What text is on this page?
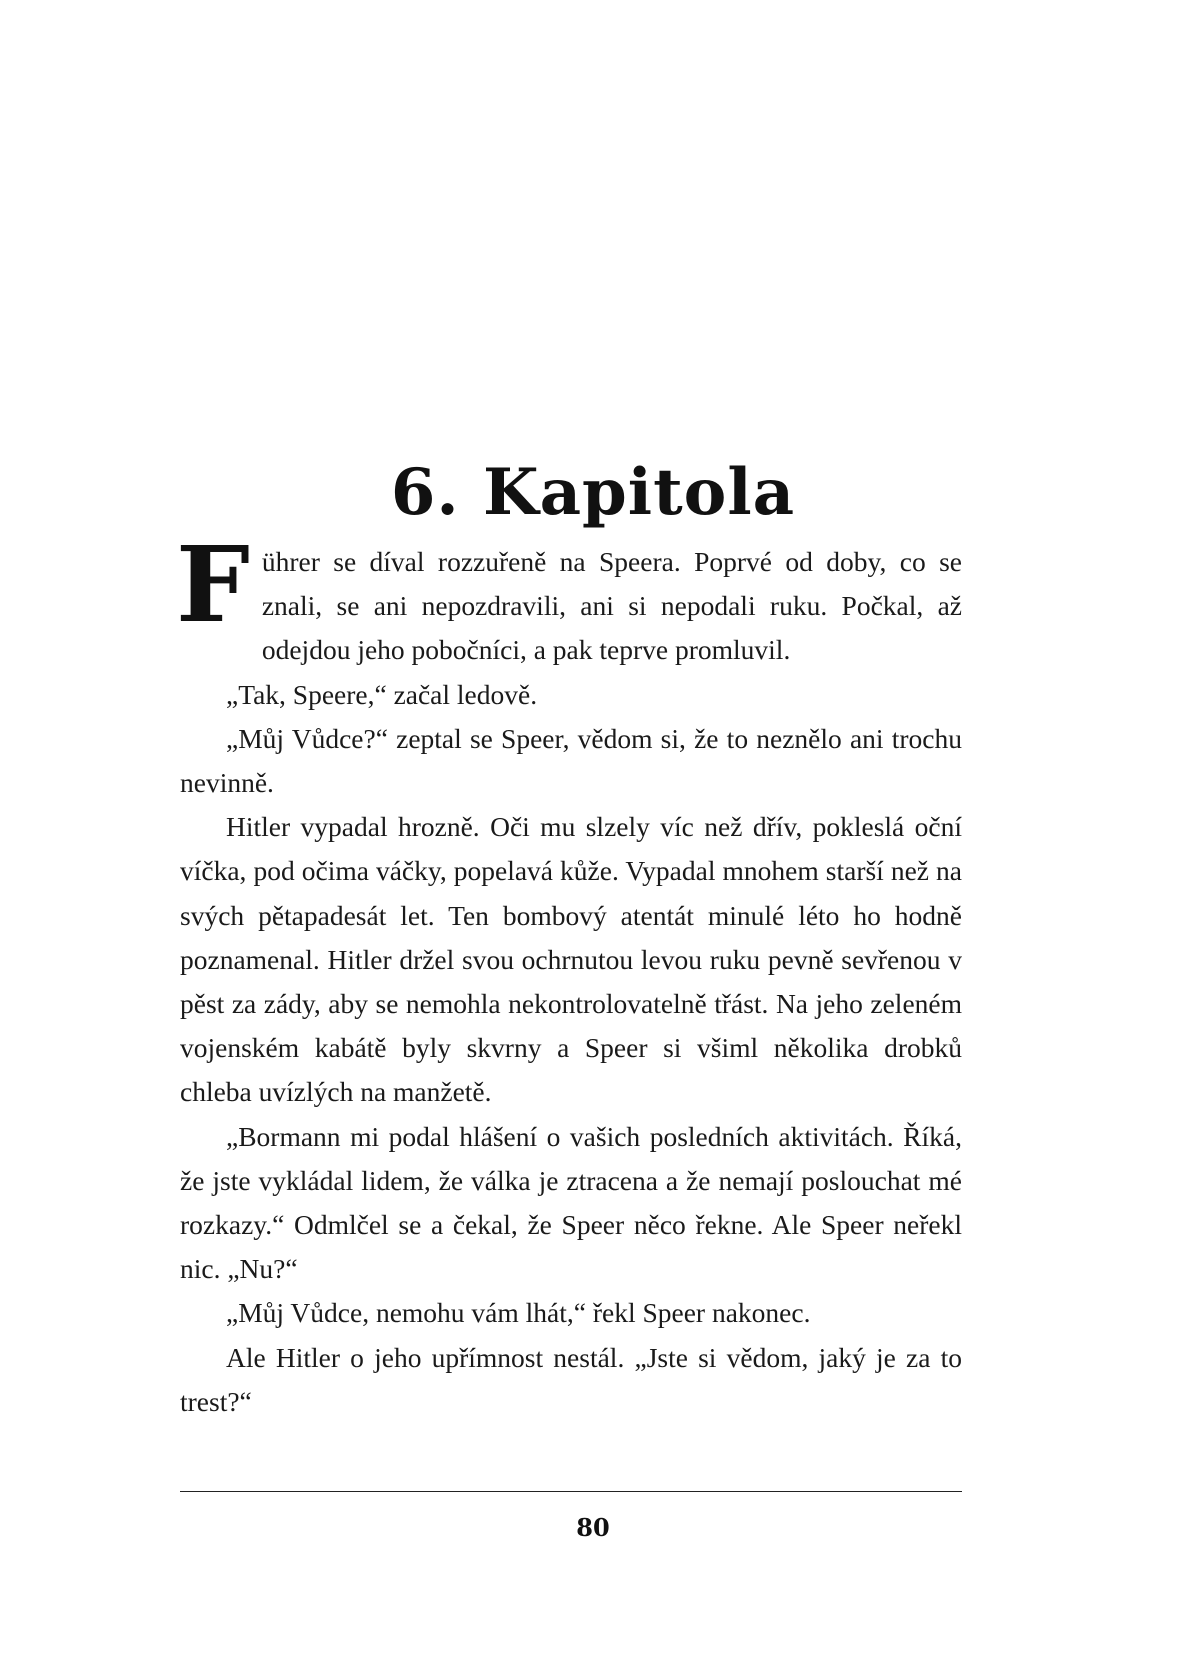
6. Kapitola

Führer se díval rozzuřeně na Speera. Poprvé od doby, co se znali, se ani nepozdravili, ani si nepodali ruku. Počkal, až odejdou jeho pobočníci, a pak teprve promluvil.

„Tak, Speere,“ začal ledově.

„Můj Vůdce?“ zeptal se Speer, vědom si, že to neznělo ani trochu nevinně.

Hitler vypadal hrozně. Oči mu slzely víc než dřív, pokleslá oční víčka, pod očima váčky, popelavá kůže. Vypadal mnohem starší než na svých pětapadesát let. Ten bombový atentát minulé léto ho hodně poznamenal. Hitler držel svou ochrnutou levou ruku pevně sevřenou v pěst za zády, aby se nemohla nekontrolovatelně třást. Na jeho zeleném vojenském kabátě byly skvrny a Speer si všiml několika drobků chleba uvízlých na manžetě.

„Bormann mi podal hlášení o vašich posledních aktivitách. Říká, že jste vykládal lidem, že válka je ztracena a že nemají poslouchat mé rozkazy.“ Odmlčel se a čekal, že Speer něco řekne. Ale Speer neřekl nic. „Nu?“

„Můj Vůdce, nemohu vám lhát,“ řekl Speer nakonec.

Ale Hitler o jeho upřímnost nestál. „Jste si vědom, jaký je za to trest?“

80
